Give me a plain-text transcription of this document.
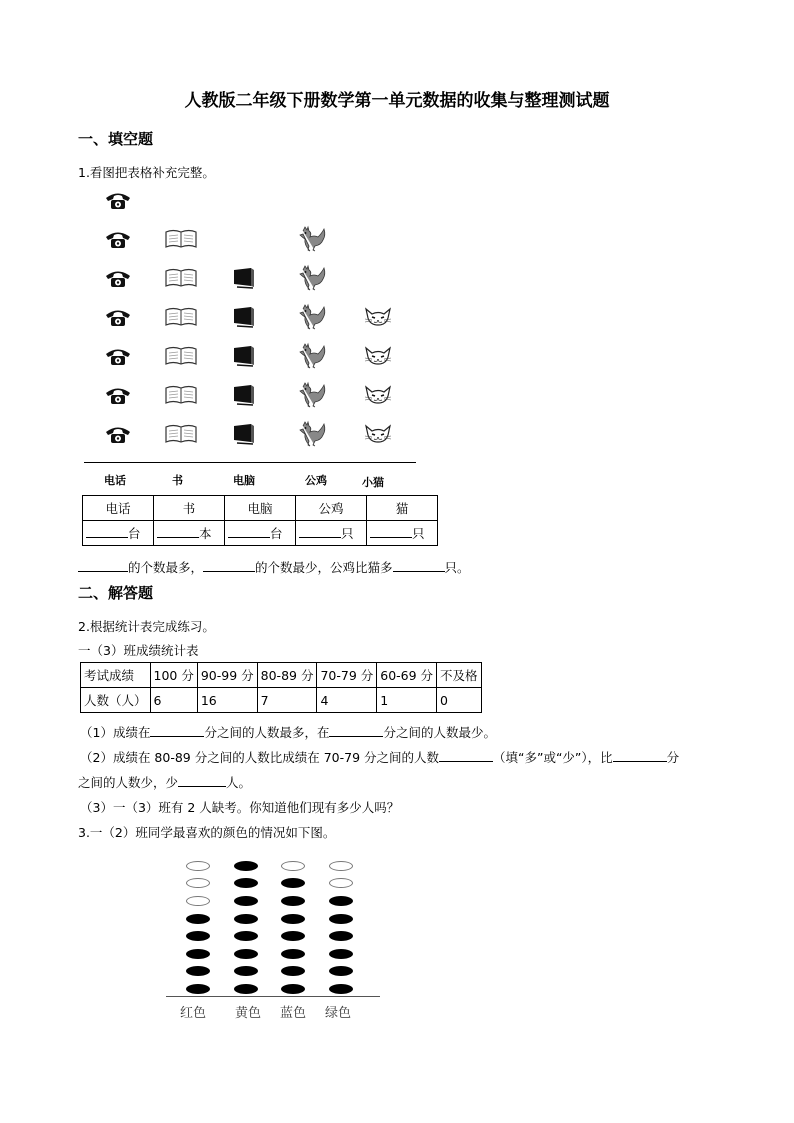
人教版二年级下册数学第一单元数据的收集与整理测试题
一、填空题
1.看图把表格补充完整。
电话	书	电脑	公鸡	小猫
电话	书	电脑	公鸡	猫
台	本	台	只	只
的个数最多，	的个数最少，公鸡比猫多	只。
二、解答题
2.根据统计表完成练习。
一（3）班成绩统计表
考试成绩	100 分	90-99 分	80-89 分	70-79 分	60-69 分	不及格
人数（人）	6	16	7	4	1	0
（1）成绩在	分之间的人数最多，在	分之间的人数最少。
（2）成绩在 80-89 分之间的人数比成绩在 70-79 分之间的人数	（填“多”或“少”），比	分
之间的人数少，少	人。
（3）一（3）班有 2 人缺考。你知道他们现有多少人吗？
3.一（2）班同学最喜欢的颜色的情况如下图。
红色 黄色 蓝色 绿色
